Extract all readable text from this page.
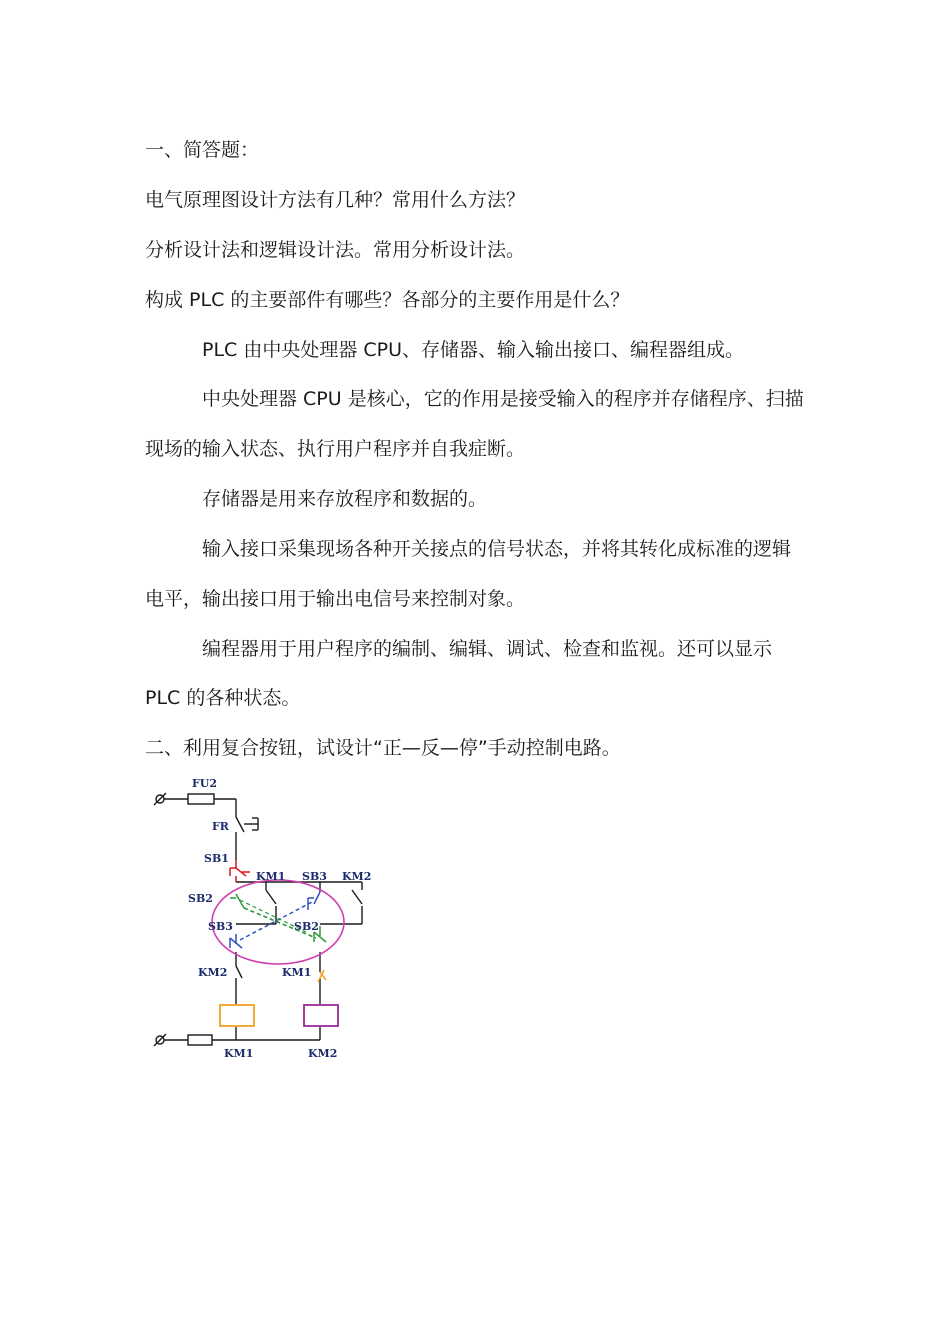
一、简答题：
电气原理图设计方法有几种？常用什么方法？
分析设计法和逻辑设计法。常用分析设计法。
构成 PLC 的主要部件有哪些？各部分的主要作用是什么？
PLC 由中央处理器 CPU、存储器、输入输出接口、编程器组成。
中央处理器 CPU 是核心，它的作用是接受输入的程序并存储程序、扫描
现场的输入状态、执行用户程序并自我症断。
存储器是用来存放程序和数据的。
输入接口采集现场各种开关接点的信号状态，并将其转化成标准的逻辑
电平，输出接口用于输出电信号来控制对象。
编程器用于用户程序的编制、编辑、调试、检查和监视。还可以显示
PLC 的各种状态。
二、利用复合按钮，试设计“正—反—停”手动控制电路。
FU2
FR
SB1
KM1 SB3 KM2
SB2
SB3	SB2
KM2	KM1
KM1	KM2
